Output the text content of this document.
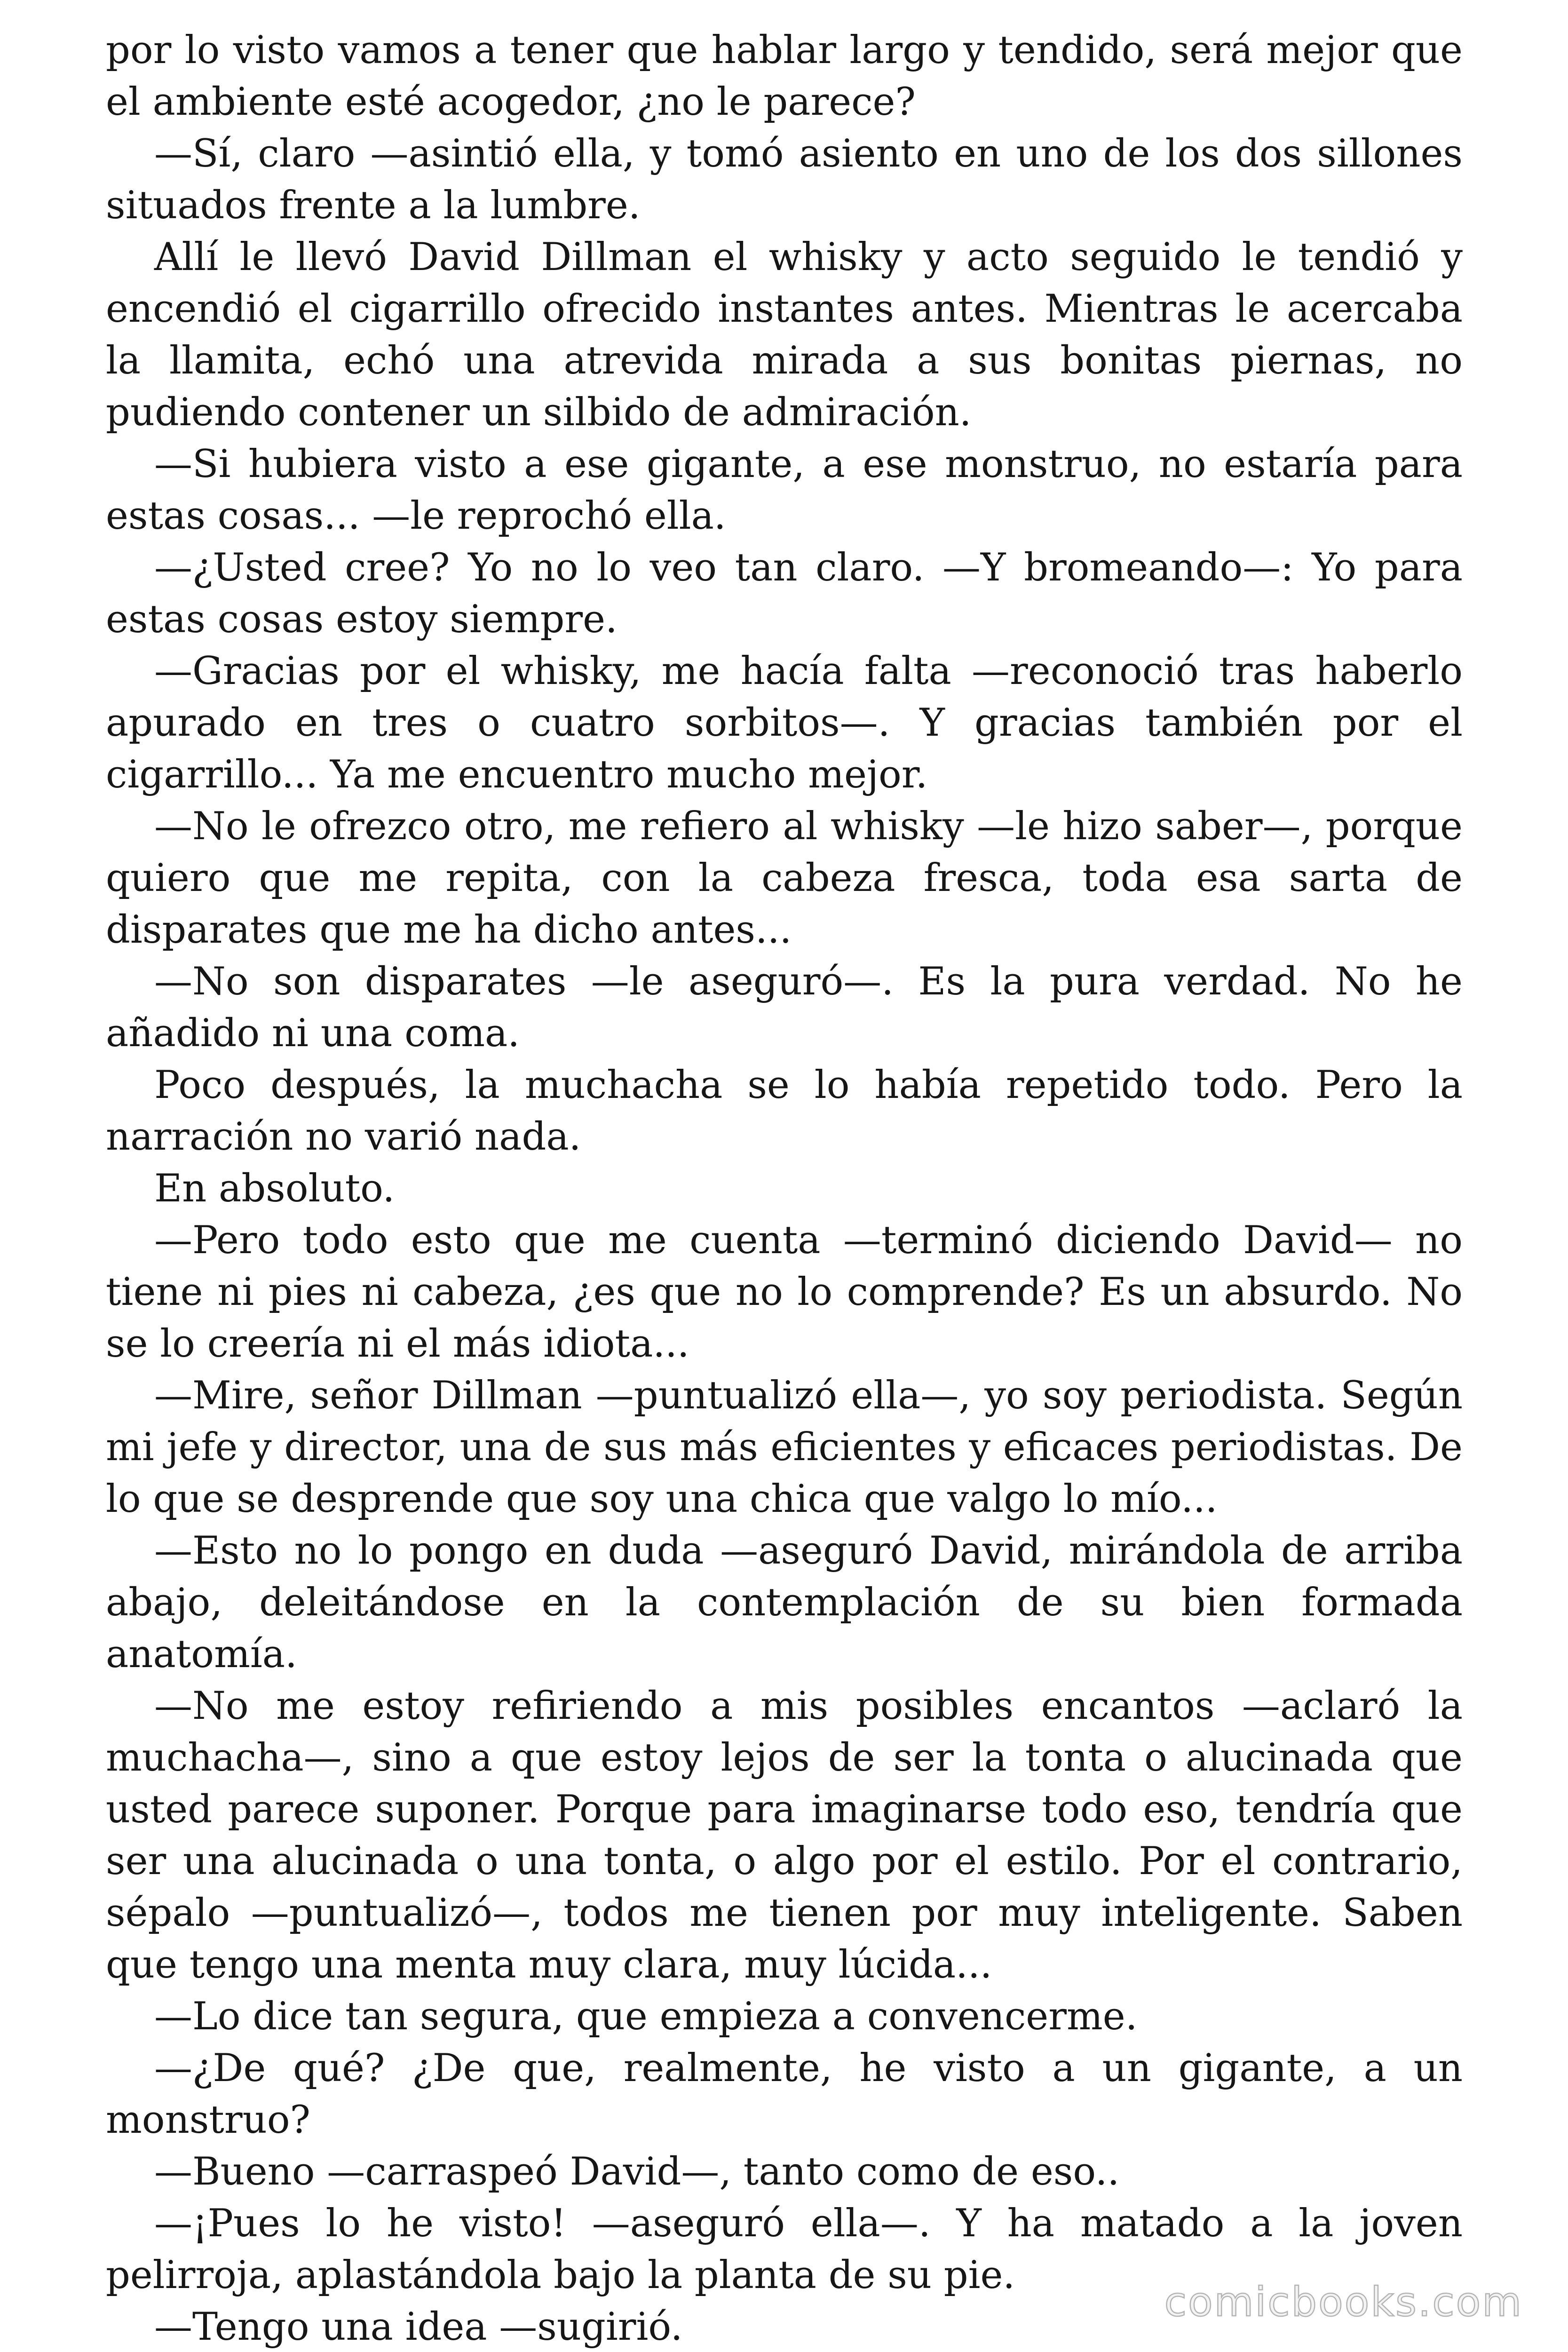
por lo visto vamos a tener que hablar largo y tendido, será mejor que el ambiente esté acogedor, ¿no le parece?

—Sí, claro —asintió ella, y tomó asiento en uno de los dos sillones situados frente a la lumbre.

Allí le llevó David Dillman el whisky y acto seguido le tendió y encendió el cigarrillo ofrecido instantes antes. Mientras le acercaba la llamita, echó una atrevida mirada a sus bonitas piernas, no pudiendo contener un silbido de admiración.

—Si hubiera visto a ese gigante, a ese monstruo, no estaría para estas cosas... —le reprochó ella.

—¿Usted cree? Yo no lo veo tan claro. —Y bromeando—: Yo para estas cosas estoy siempre.

—Gracias por el whisky, me hacía falta —reconoció tras haberlo apurado en tres o cuatro sorbitos—. Y gracias también por el cigarrillo... Ya me encuentro mucho mejor.

—No le ofrezco otro, me refiero al whisky —le hizo saber—, porque quiero que me repita, con la cabeza fresca, toda esa sarta de disparates que me ha dicho antes...

—No son disparates —le aseguró—. Es la pura verdad. No he añadido ni una coma.

Poco después, la muchacha se lo había repetido todo. Pero la narración no varió nada.

En absoluto.

—Pero todo esto que me cuenta —terminó diciendo David— no tiene ni pies ni cabeza, ¿es que no lo comprende? Es un absurdo. No se lo creería ni el más idiota...

—Mire, señor Dillman —puntualizó ella—, yo soy periodista. Según mi jefe y director, una de sus más eficientes y eficaces periodistas. De lo que se desprende que soy una chica que valgo lo mío...

—Esto no lo pongo en duda —aseguró David, mirándola de arriba abajo, deleitándose en la contemplación de su bien formada anatomía.

—No me estoy refiriendo a mis posibles encantos —aclaró la muchacha—, sino a que estoy lejos de ser la tonta o alucinada que usted parece suponer. Porque para imaginarse todo eso, tendría que ser una alucinada o una tonta, o algo por el estilo. Por el contrario, sépalo —puntualizó—, todos me tienen por muy inteligente. Saben que tengo una menta muy clara, muy lúcida...

—Lo dice tan segura, que empieza a convencerme.

—¿De qué? ¿De que, realmente, he visto a un gigante, a un monstruo?

—Bueno —carraspeó David—, tanto como de eso..

—¡Pues lo he visto! —aseguró ella—. Y ha matado a la joven pelirroja, aplastándola bajo la planta de su pie.

—Tengo una idea —sugirió.

comicbooks.com
